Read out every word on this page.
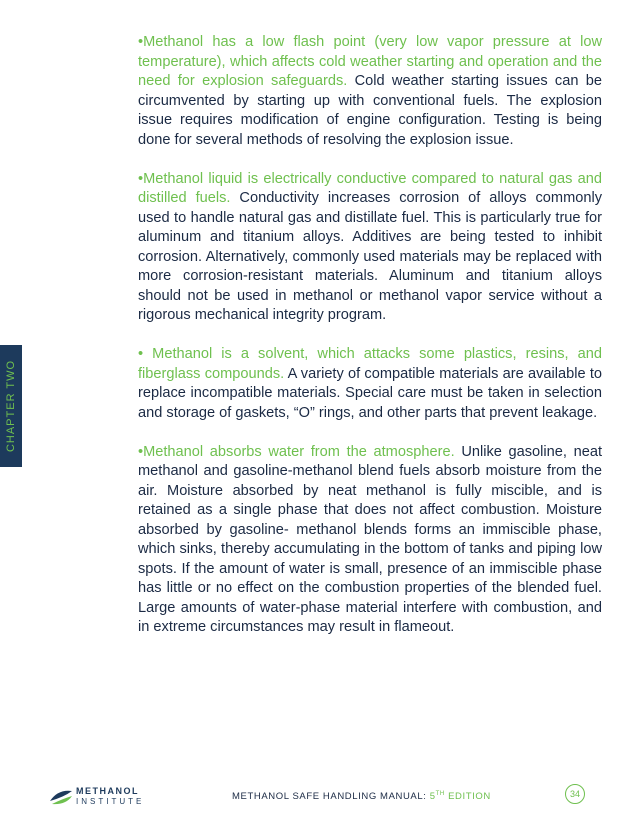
CHAPTER TWO

•Methanol has a low flash point (very low vapor pressure at low temperature), which affects cold weather starting and operation and the need for explosion safeguards. Cold weather starting issues can be circumvented by starting up with conventional fuels. The explosion issue requires modification of engine configuration. Testing is being done for several methods of resolving the explosion issue.

•Methanol liquid is electrically conductive compared to natural gas and distilled fuels. Conductivity increases corrosion of alloys commonly used to handle natural gas and distillate fuel. This is particularly true for aluminum and titanium alloys. Additives are being tested to inhibit corrosion. Alternatively, commonly used materials may be replaced with more corrosion-resistant materials. Aluminum and titanium alloys should not be used in methanol or methanol vapor service without a rigorous mechanical integrity program.

• Methanol is a solvent, which attacks some plastics, resins, and fiberglass compounds. A variety of compatible materials are available to replace incompatible materials. Special care must be taken in selection and storage of gaskets, “O” rings, and other parts that prevent leakage.

•Methanol absorbs water from the atmosphere. Unlike gasoline, neat methanol and gasoline-methanol blend fuels absorb moisture from the air. Moisture absorbed by neat methanol is fully miscible, and is retained as a single phase that does not affect combustion. Moisture absorbed by gasoline- methanol blends forms an immiscible phase, which sinks, thereby accumulating in the bottom of tanks and piping low spots. If the amount of water is small, presence of an immiscible phase has little or no effect on the combustion properties of the blended fuel. Large amounts of water-phase material interfere with combustion, and in extreme circumstances may result in flameout.

METHANOL
INSTITUTE	METHANOL SAFE HANDLING MANUAL: 5TH EDITION	34
